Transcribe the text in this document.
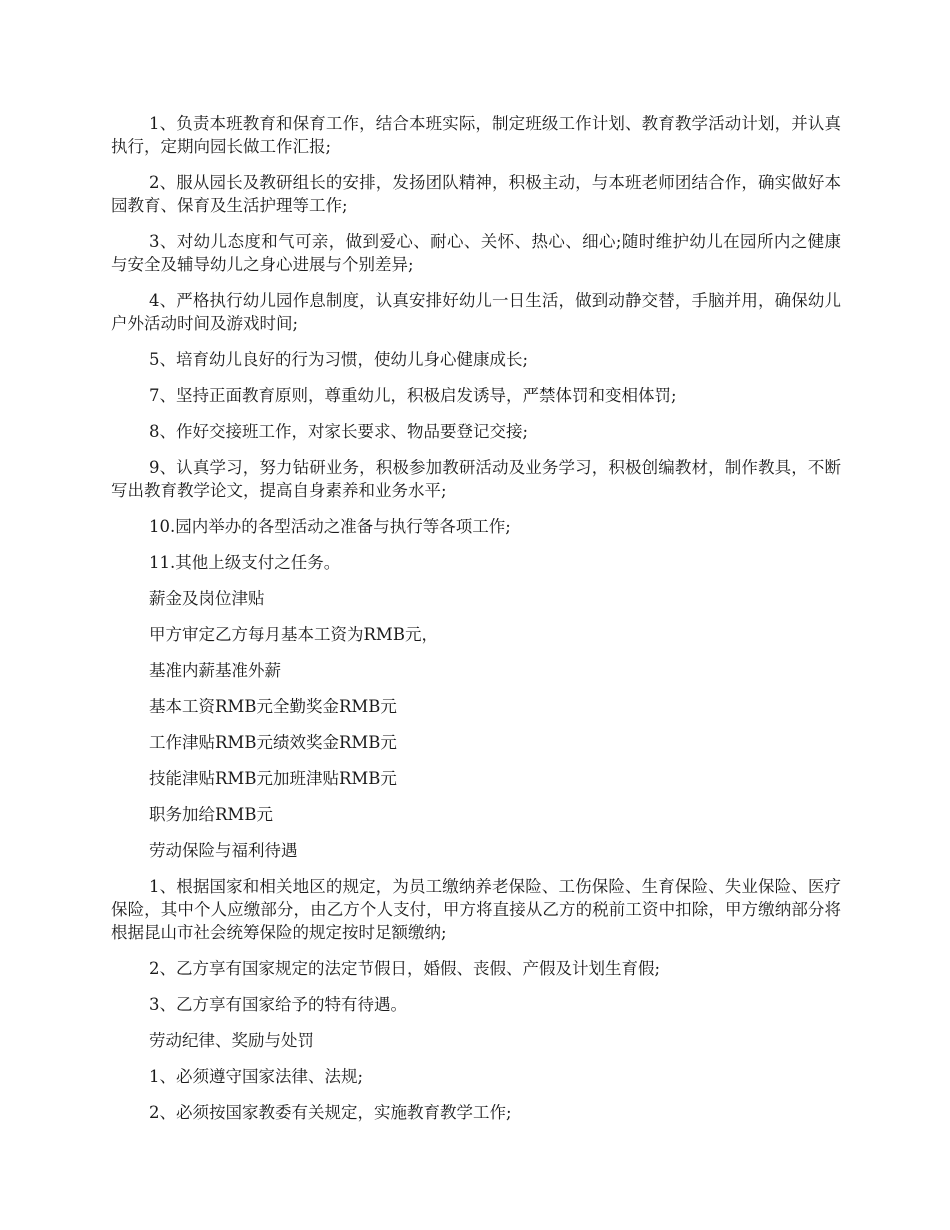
1、负责本班教育和保育工作，结合本班实际，制定班级工作计划、教育教学活动计划，并认真执行，定期向园长做工作汇报;

2、服从园长及教研组长的安排，发扬团队精神，积极主动，与本班老师团结合作，确实做好本园教育、保育及生活护理等工作;

3、对幼儿态度和气可亲，做到爱心、耐心、关怀、热心、细心;随时维护幼儿在园所内之健康与安全及辅导幼儿之身心进展与个别差异;

4、严格执行幼儿园作息制度，认真安排好幼儿一日生活，做到动静交替，手脑并用，确保幼儿户外活动时间及游戏时间;

5、培育幼儿良好的行为习惯，使幼儿身心健康成长;

7、坚持正面教育原则，尊重幼儿，积极启发诱导，严禁体罚和变相体罚;

8、作好交接班工作，对家长要求、物品要登记交接;

9、认真学习，努力钻研业务，积极参加教研活动及业务学习，积极创编教材，制作教具，不断写出教育教学论文，提高自身素养和业务水平;

10.园内举办的各型活动之准备与执行等各项工作;

11.其他上级支付之任务。

薪金及岗位津贴

甲方审定乙方每月基本工资为RMB元，

基准内薪基准外薪

基本工资RMB元全勤奖金RMB元

工作津贴RMB元绩效奖金RMB元

技能津贴RMB元加班津贴RMB元

职务加给RMB元

劳动保险与福利待遇

1、根据国家和相关地区的规定，为员工缴纳养老保险、工伤保险、生育保险、失业保险、医疗保险，其中个人应缴部分，由乙方个人支付，甲方将直接从乙方的税前工资中扣除，甲方缴纳部分将根据昆山市社会统筹保险的规定按时足额缴纳;

2、乙方享有国家规定的法定节假日，婚假、丧假、产假及计划生育假;

3、乙方享有国家给予的特有待遇。

劳动纪律、奖励与处罚

1、必须遵守国家法律、法规;

2、必须按国家教委有关规定，实施教育教学工作;
